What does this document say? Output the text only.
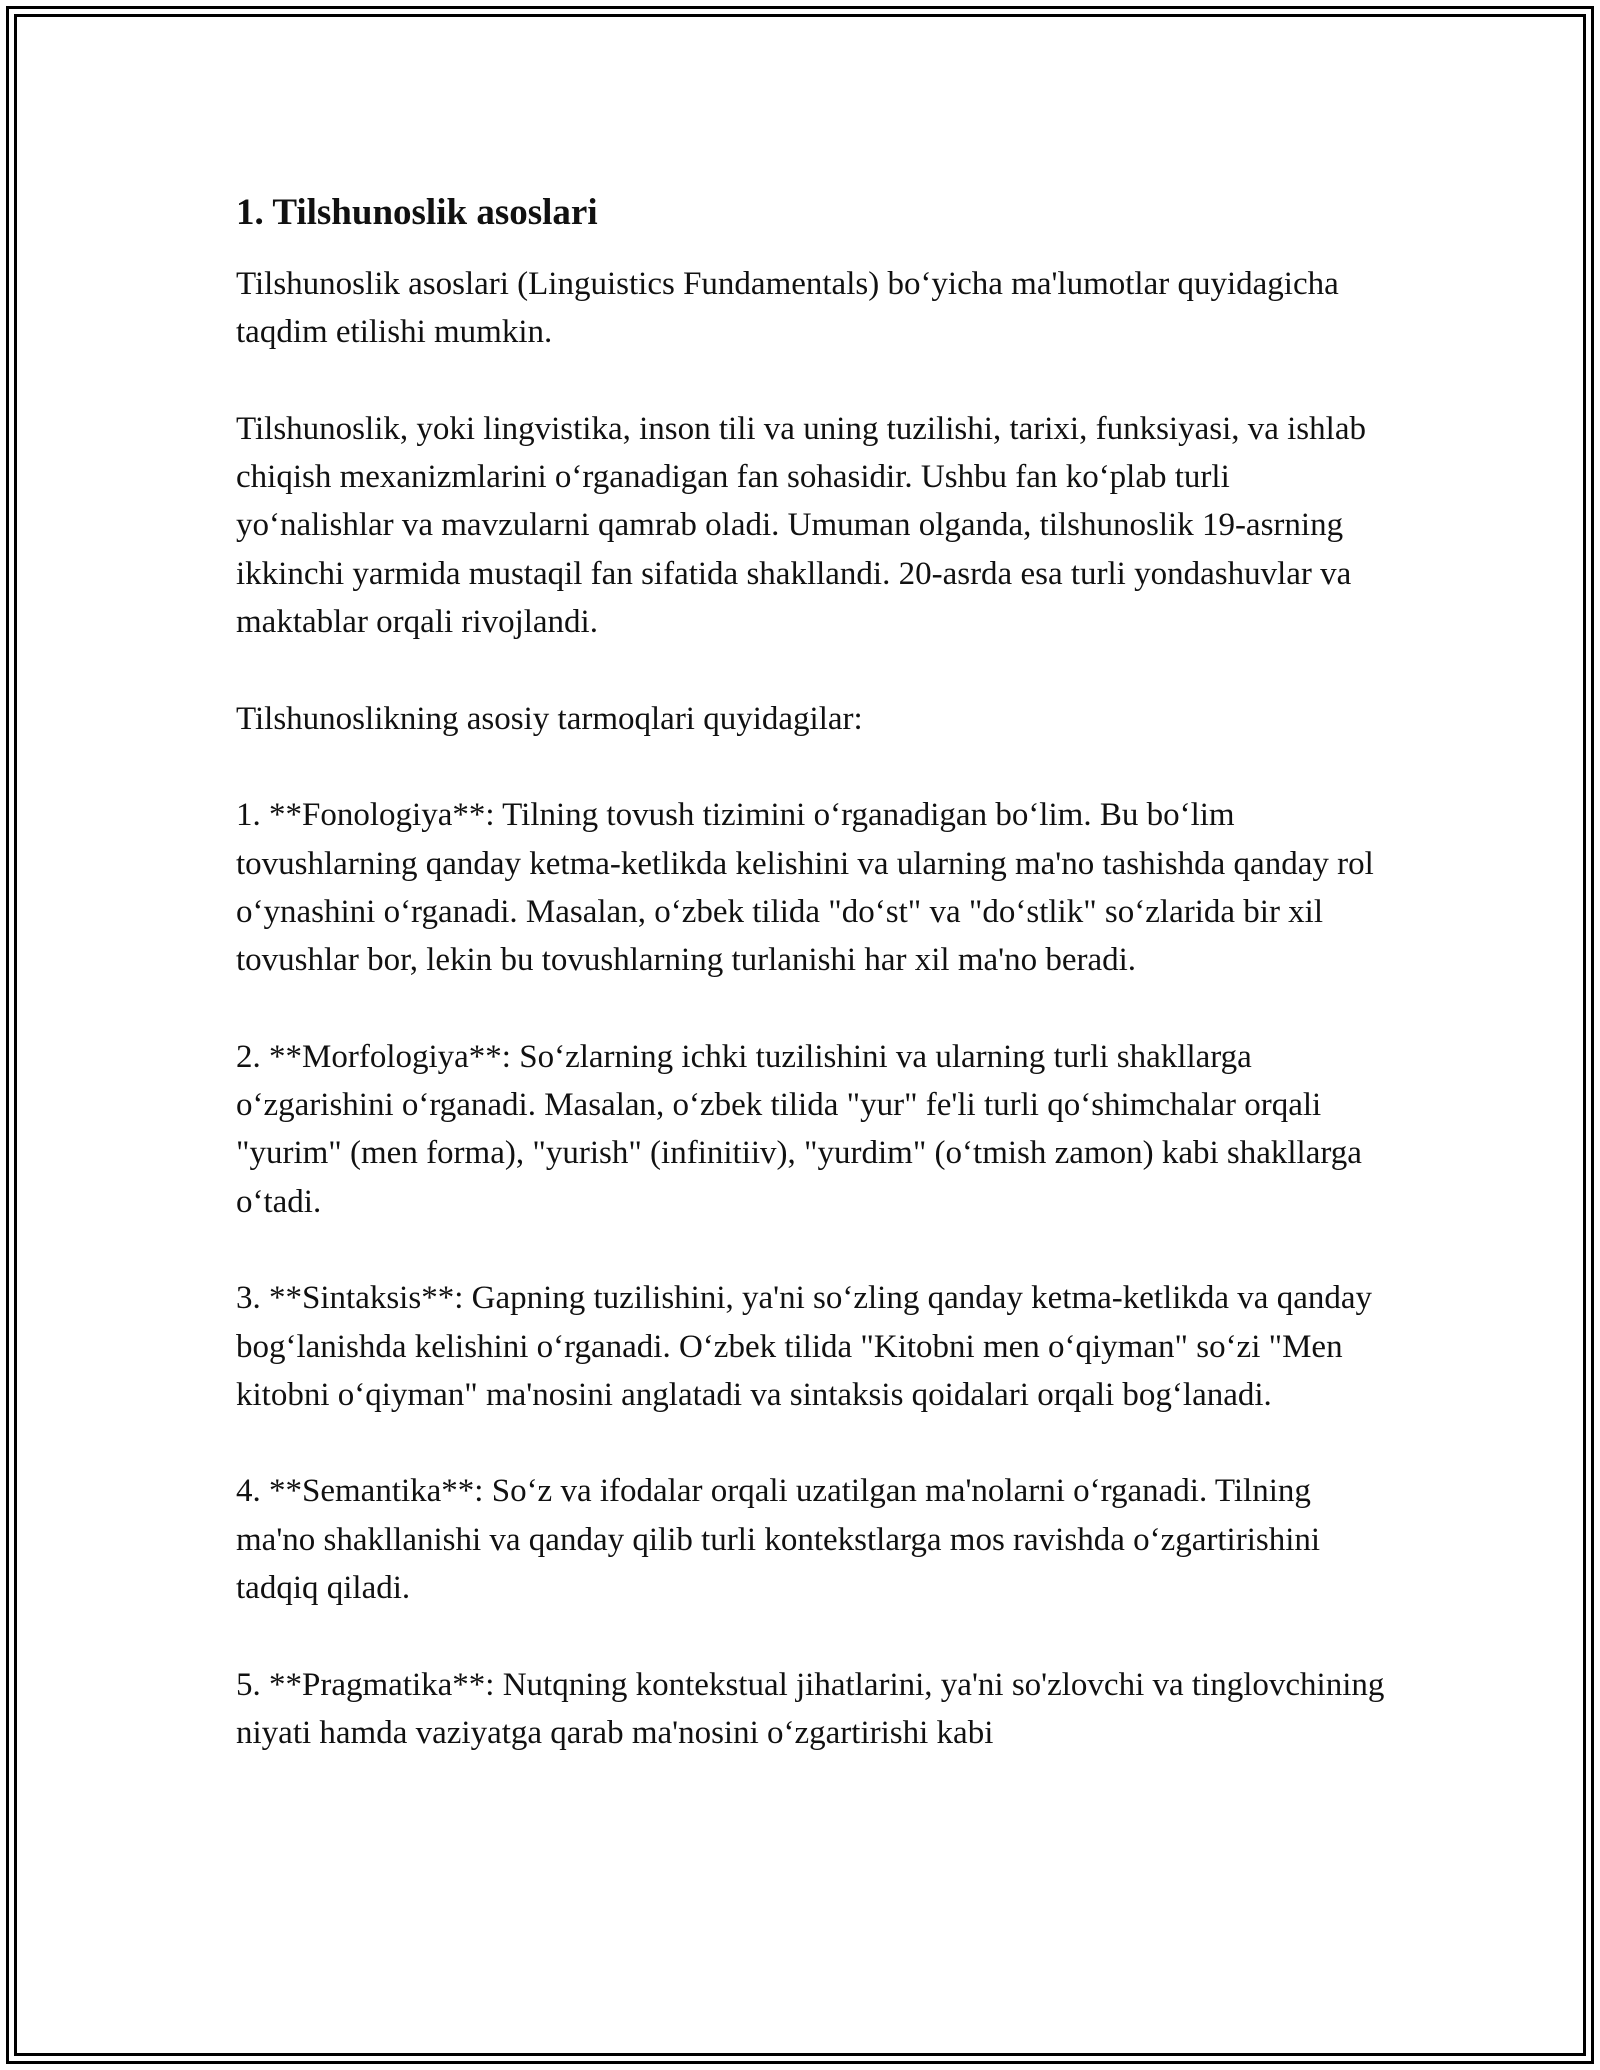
1. Tilshunoslik asoslari

Tilshunoslik asoslari (Linguistics Fundamentals) bo‘yicha ma'lumotlar quyidagicha taqdim etilishi mumkin.

Tilshunoslik, yoki lingvistika, inson tili va uning tuzilishi, tarixi, funksiyasi, va ishlab chiqish mexanizmlarini o‘rganadigan fan sohasidir. Ushbu fan ko‘plab turli yo‘nalishlar va mavzularni qamrab oladi. Umuman olganda, tilshunoslik 19-asrning ikkinchi yarmida mustaqil fan sifatida shakllandi. 20-asrda esa turli yondashuvlar va maktablar orqali rivojlandi.

Tilshunoslikning asosiy tarmoqlari quyidagilar:

1. **Fonologiya**: Tilning tovush tizimini o‘rganadigan bo‘lim. Bu bo‘lim tovushlarning qanday ketma-ketlikda kelishini va ularning ma'no tashishda qanday rol o‘ynashini o‘rganadi. Masalan, o‘zbek tilida "do‘st" va "do‘stlik" so‘zlarida bir xil tovushlar bor, lekin bu tovushlarning turlanishi har xil ma'no beradi.

2. **Morfologiya**: So‘zlarning ichki tuzilishini va ularning turli shakllarga o‘zgarishini o‘rganadi. Masalan, o‘zbek tilida "yur" fe'li turli qo‘shimchalar orqali "yurim" (men forma), "yurish" (infinitiiv), "yurdim" (o‘tmish zamon) kabi shakllarga o‘tadi.

3. **Sintaksis**: Gapning tuzilishini, ya'ni so‘zling qanday ketma-ketlikda va qanday bog‘lanishda kelishini o‘rganadi. O‘zbek tilida "Kitobni men o‘qiyman" so‘zi "Men kitobni o‘qiyman" ma'nosini anglatadi va sintaksis qoidalari orqali bog‘lanadi.

4. **Semantika**: So‘z va ifodalar orqali uzatilgan ma'nolarni o‘rganadi. Tilning ma'no shakllanishi va qanday qilib turli kontekstlarga mos ravishda o‘zgartirishini tadqiq qiladi.

5. **Pragmatika**: Nutqning kontekstual jihatlarini, ya'ni so'zlovchi va tinglovchining niyati hamda vaziyatga qarab ma'nosini o‘zgartirishi kabi
